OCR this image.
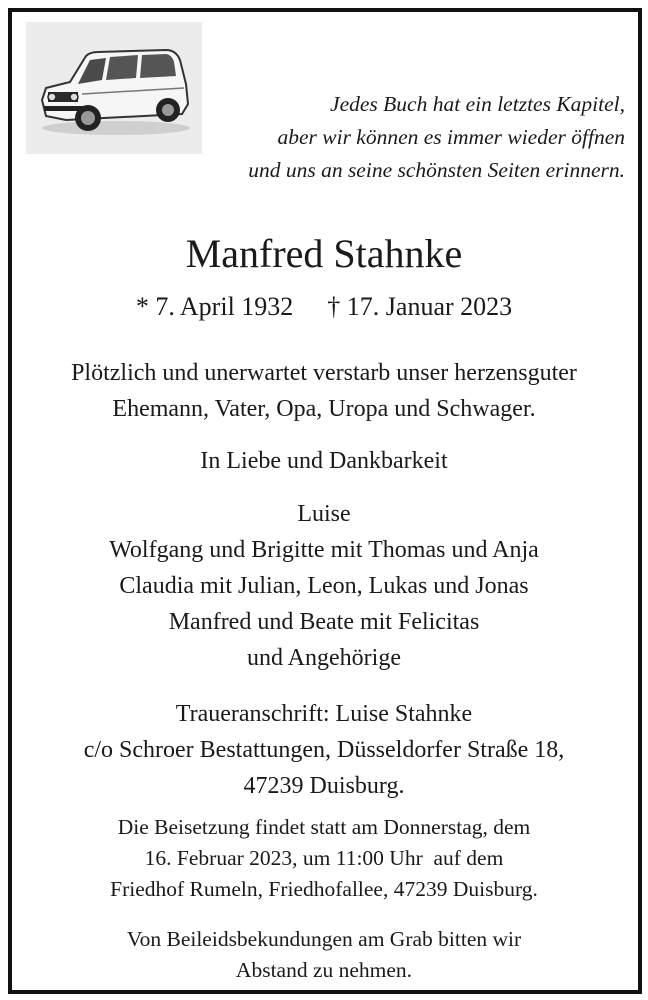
Jedes Buch hat ein letztes Kapitel,
aber wir können es immer wieder öffnen
und uns an seine schönsten Seiten erinnern.
Manfred Stahnke
* 7. April 1932 † 17. Januar 2023
Plötzlich und unerwartet verstarb unser herzensguter
Ehemann, Vater, Opa, Uropa und Schwager.
In Liebe und Dankbarkeit
Luise
Wolfgang und Brigitte mit Thomas und Anja
Claudia mit Julian, Leon, Lukas und Jonas
Manfred und Beate mit Felicitas
und Angehörige
Traueranschrift: Luise Stahnke
c/o Schroer Bestattungen, Düsseldorfer Straße 18,
47239 Duisburg.
Die Beisetzung findet statt am Donnerstag, dem
16. Februar 2023, um 11:00 Uhr  auf dem
Friedhof Rumeln, Friedhofallee, 47239 Duisburg.
Von Beileidsbekundungen am Grab bitten wir
Abstand zu nehmen.
